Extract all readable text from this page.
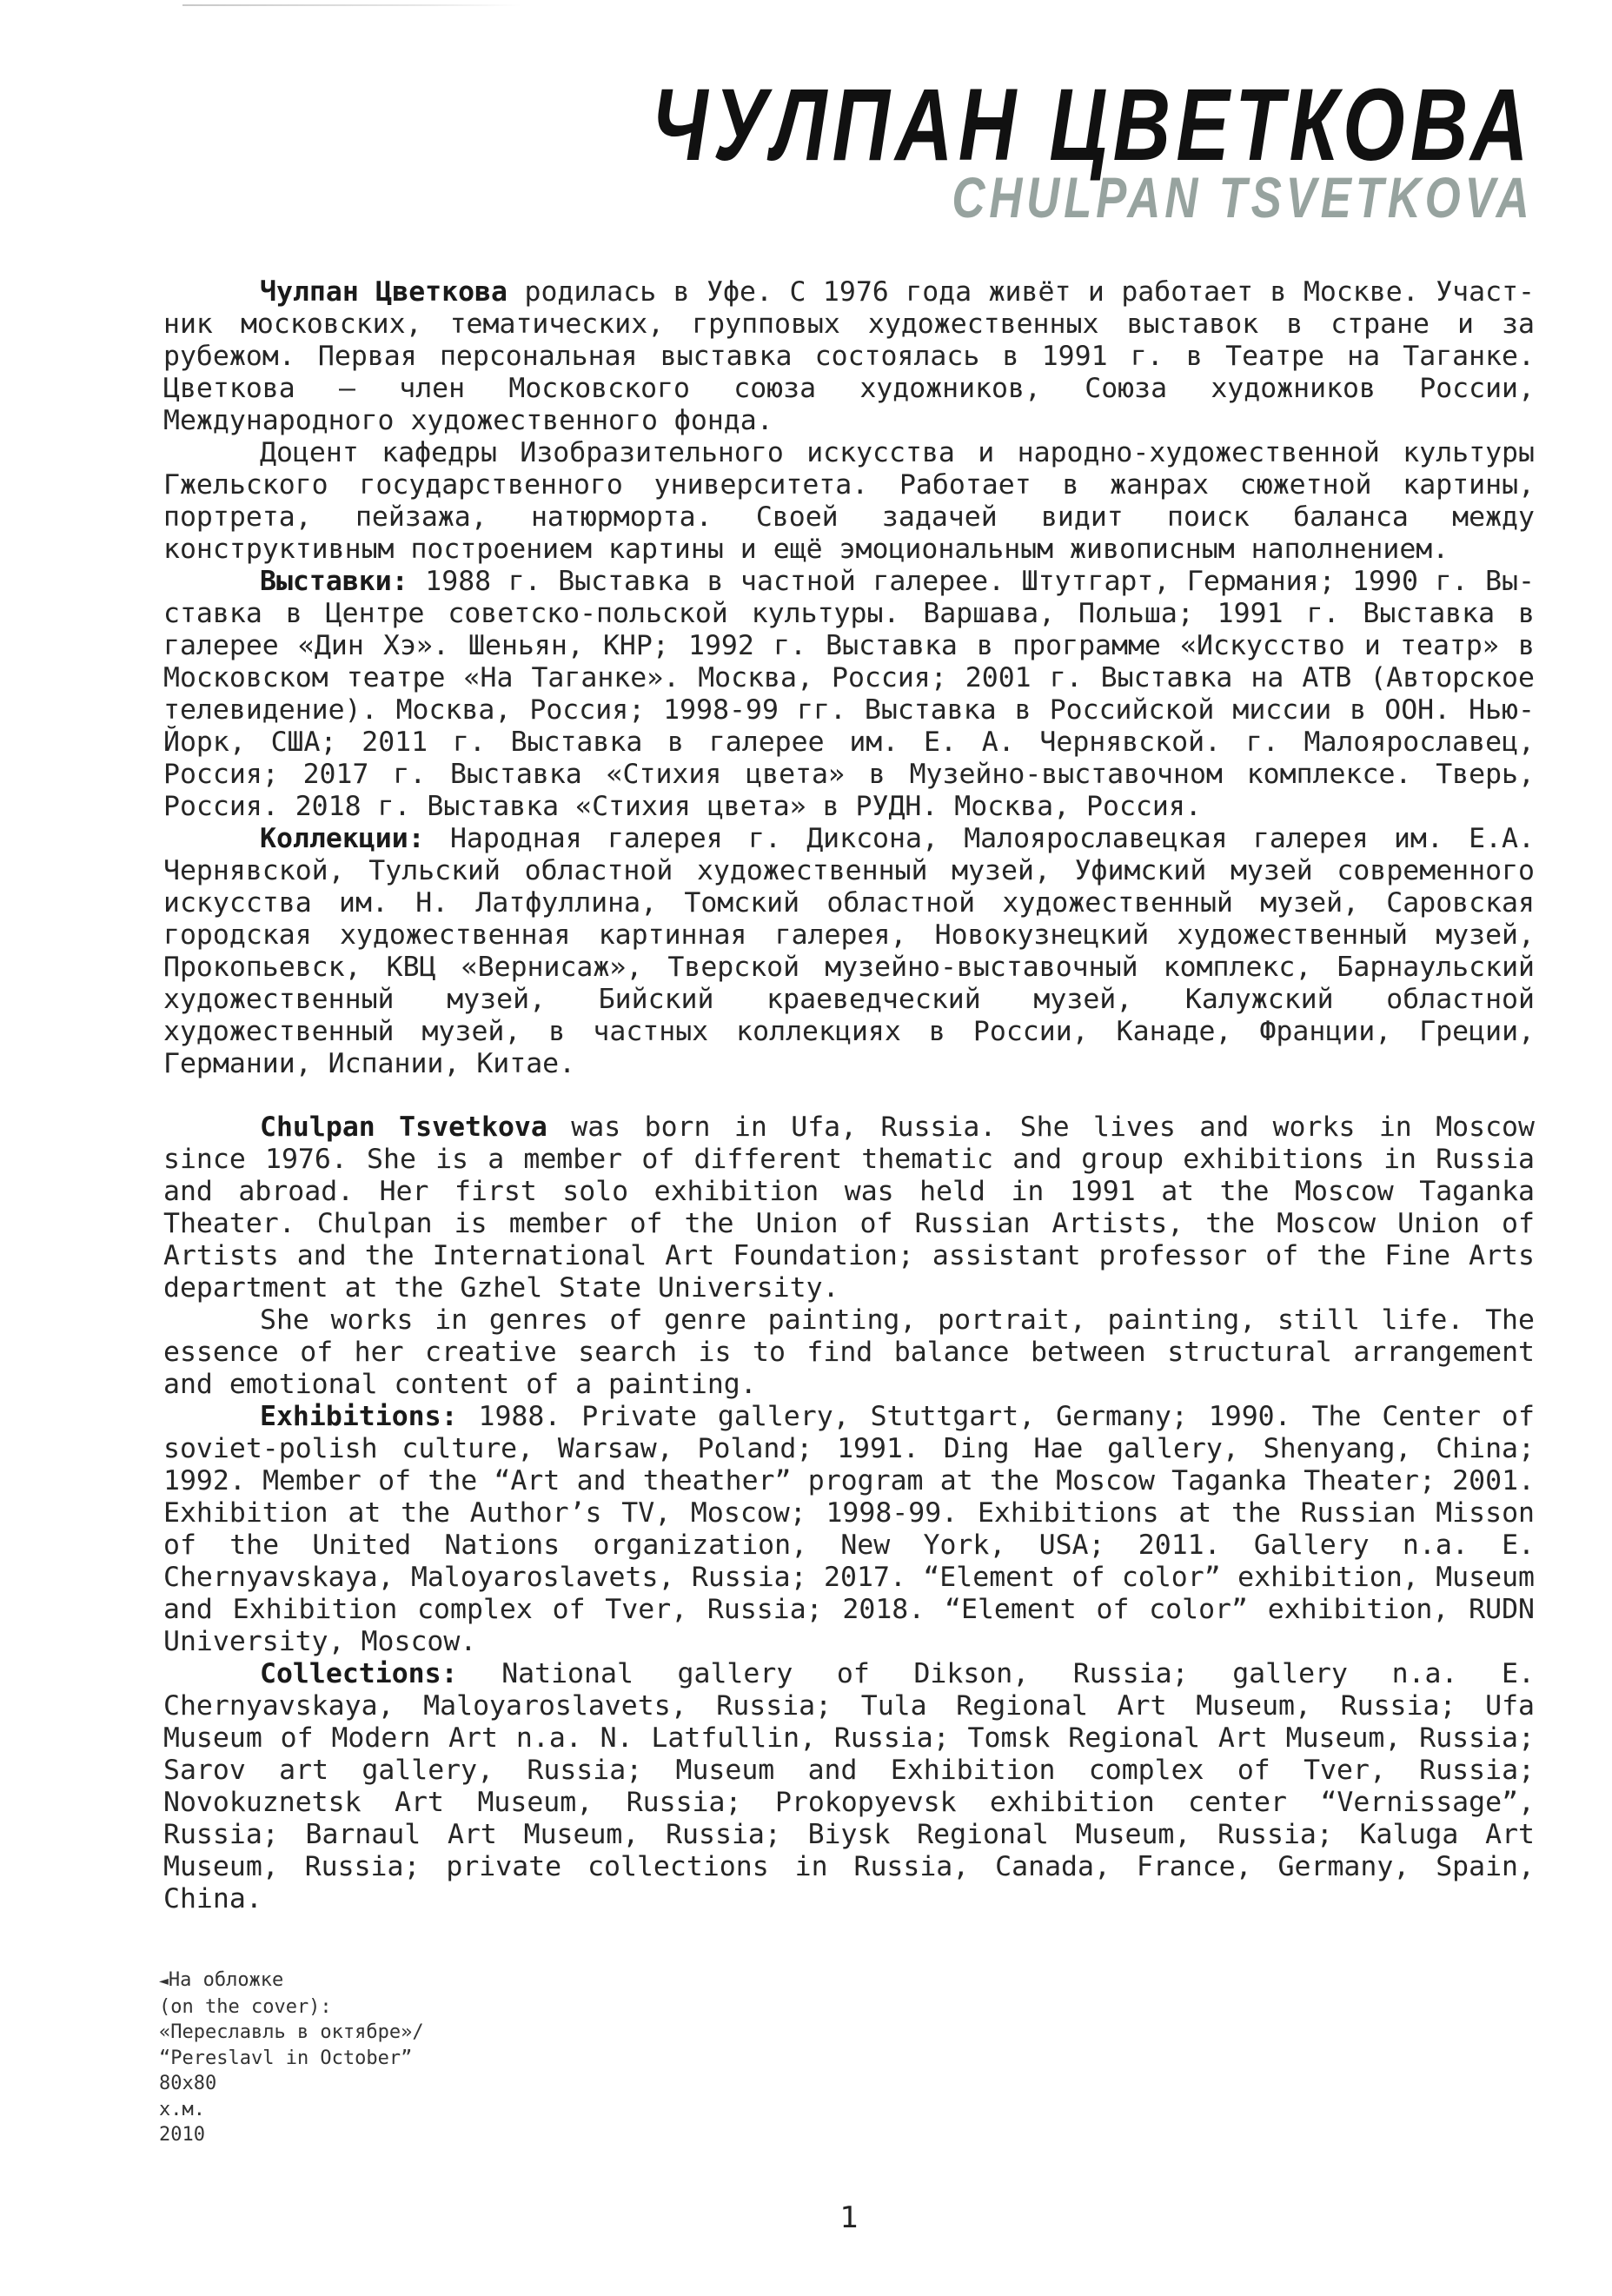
ЧУЛПАН ЦВЕТКОВА
CHULPAN TSVETKOVA

Чулпан Цветкова родилась в Уфе. С 1976 года живёт и работает в Москве. Участник московских, тематических, групповых художественных выставок в стране и за рубежом. Первая персональная выставка состоялась в 1991 г. в Театре на Таганке. Цветкова – член Московского союза художников, Союза художников России, Международного художественного фонда.

Доцент кафедры Изобразительного искусства и народно-художественной культуры Гжельского государственного университета. Работает в жанрах сюжетной картины, портрета, пейзажа, натюрморта. Своей задачей видит поиск баланса между конструктивным построением картины и ещё эмоциональным живописным наполнением.

Выставки: 1988 г. Выставка в частной галерее. Штутгарт, Германия; 1990 г. Выставка в Центре советско-польской культуры. Варшава, Польша; 1991 г. Выставка в галерее «Дин Хэ». Шеньян, КНР; 1992 г. Выставка в программе «Искусство и театр» в Московском театре «На Таганке». Москва, Россия; 2001 г. Выставка на АТВ (Авторское телевидение). Москва, Россия; 1998-99 гг. Выставка в Российской миссии в ООН. Нью-Йорк, США; 2011 г. Выставка в галерее им. Е. А. Чернявской. г. Малоярославец, Россия; 2017 г. Выставка «Стихия цвета» в Музейно-выставочном комплексе. Тверь, Россия. 2018 г. Выставка «Стихия цвета» в РУДН. Москва, Россия.

Коллекции: Народная галерея г. Диксона, Малоярославецкая галерея им. Е.А. Чернявской, Тульский областной художественный музей, Уфимский музей современного искусства им. Н. Латфуллина, Томский областной художественный музей, Саровская городская художественная картинная галерея, Новокузнецкий художественный музей, Прокопьевск, КВЦ «Вернисаж», Тверской музейно-выставочный комплекс, Барнаульский художественный музей, Бийский краеведческий музей, Калужский областной художественный музей, в частных коллекциях в России, Канаде, Франции, Греции, Германии, Испании, Китае.

Chulpan Tsvetkova was born in Ufa, Russia. She lives and works in Moscow since 1976. She is a member of different thematic and group exhibitions in Russia and abroad. Her first solo exhibition was held in 1991 at the Moscow Taganka Theater. Chulpan is member of the Union of Russian Artists, the Moscow Union of Artists and the International Art Foundation; assistant professor of the Fine Arts department at the Gzhel State University.

She works in genres of genre painting, portrait, painting, still life. The essence of her creative search is to find balance between structural arrangement and emotional content of a painting.

Exhibitions: 1988. Private gallery, Stuttgart, Germany; 1990. The Center of soviet-polish culture, Warsaw, Poland; 1991. Ding Hae gallery, Shenyang, China; 1992. Member of the “Art and theather” program at the Moscow Taganka Theater; 2001. Exhibition at the Author’s TV, Moscow; 1998-99. Exhibitions at the Russian Misson of the United Nations organization, New York, USA; 2011. Gallery n.a. E. Chernyavskaya, Maloyaroslavets, Russia; 2017. “Element of color” exhibition, Museum and Exhibition complex of Tver, Russia; 2018. “Element of color” exhibition, RUDN University, Moscow.

Collections: National gallery of Dikson, Russia; gallery n.a. E. Chernyavskaya, Maloyaroslavets, Russia; Tula Regional Art Museum, Russia; Ufa Museum of Modern Art n.a. N. Latfullin, Russia; Tomsk Regional Art Museum, Russia; Sarov art gallery, Russia; Museum and Exhibition complex of Tver, Russia; Novokuznetsk Art Museum, Russia; Prokopyevsk exhibition center “Vernissage”, Russia; Barnaul Art Museum, Russia; Biysk Regional Museum, Russia; Kaluga Art Museum, Russia; private collections in Russia, Canada, France, Germany, Spain, China.

◄На обложке
(on the cover):
«Переславль в октябре»/
“Pereslavl in October”
80x80
х.м.
2010
1
